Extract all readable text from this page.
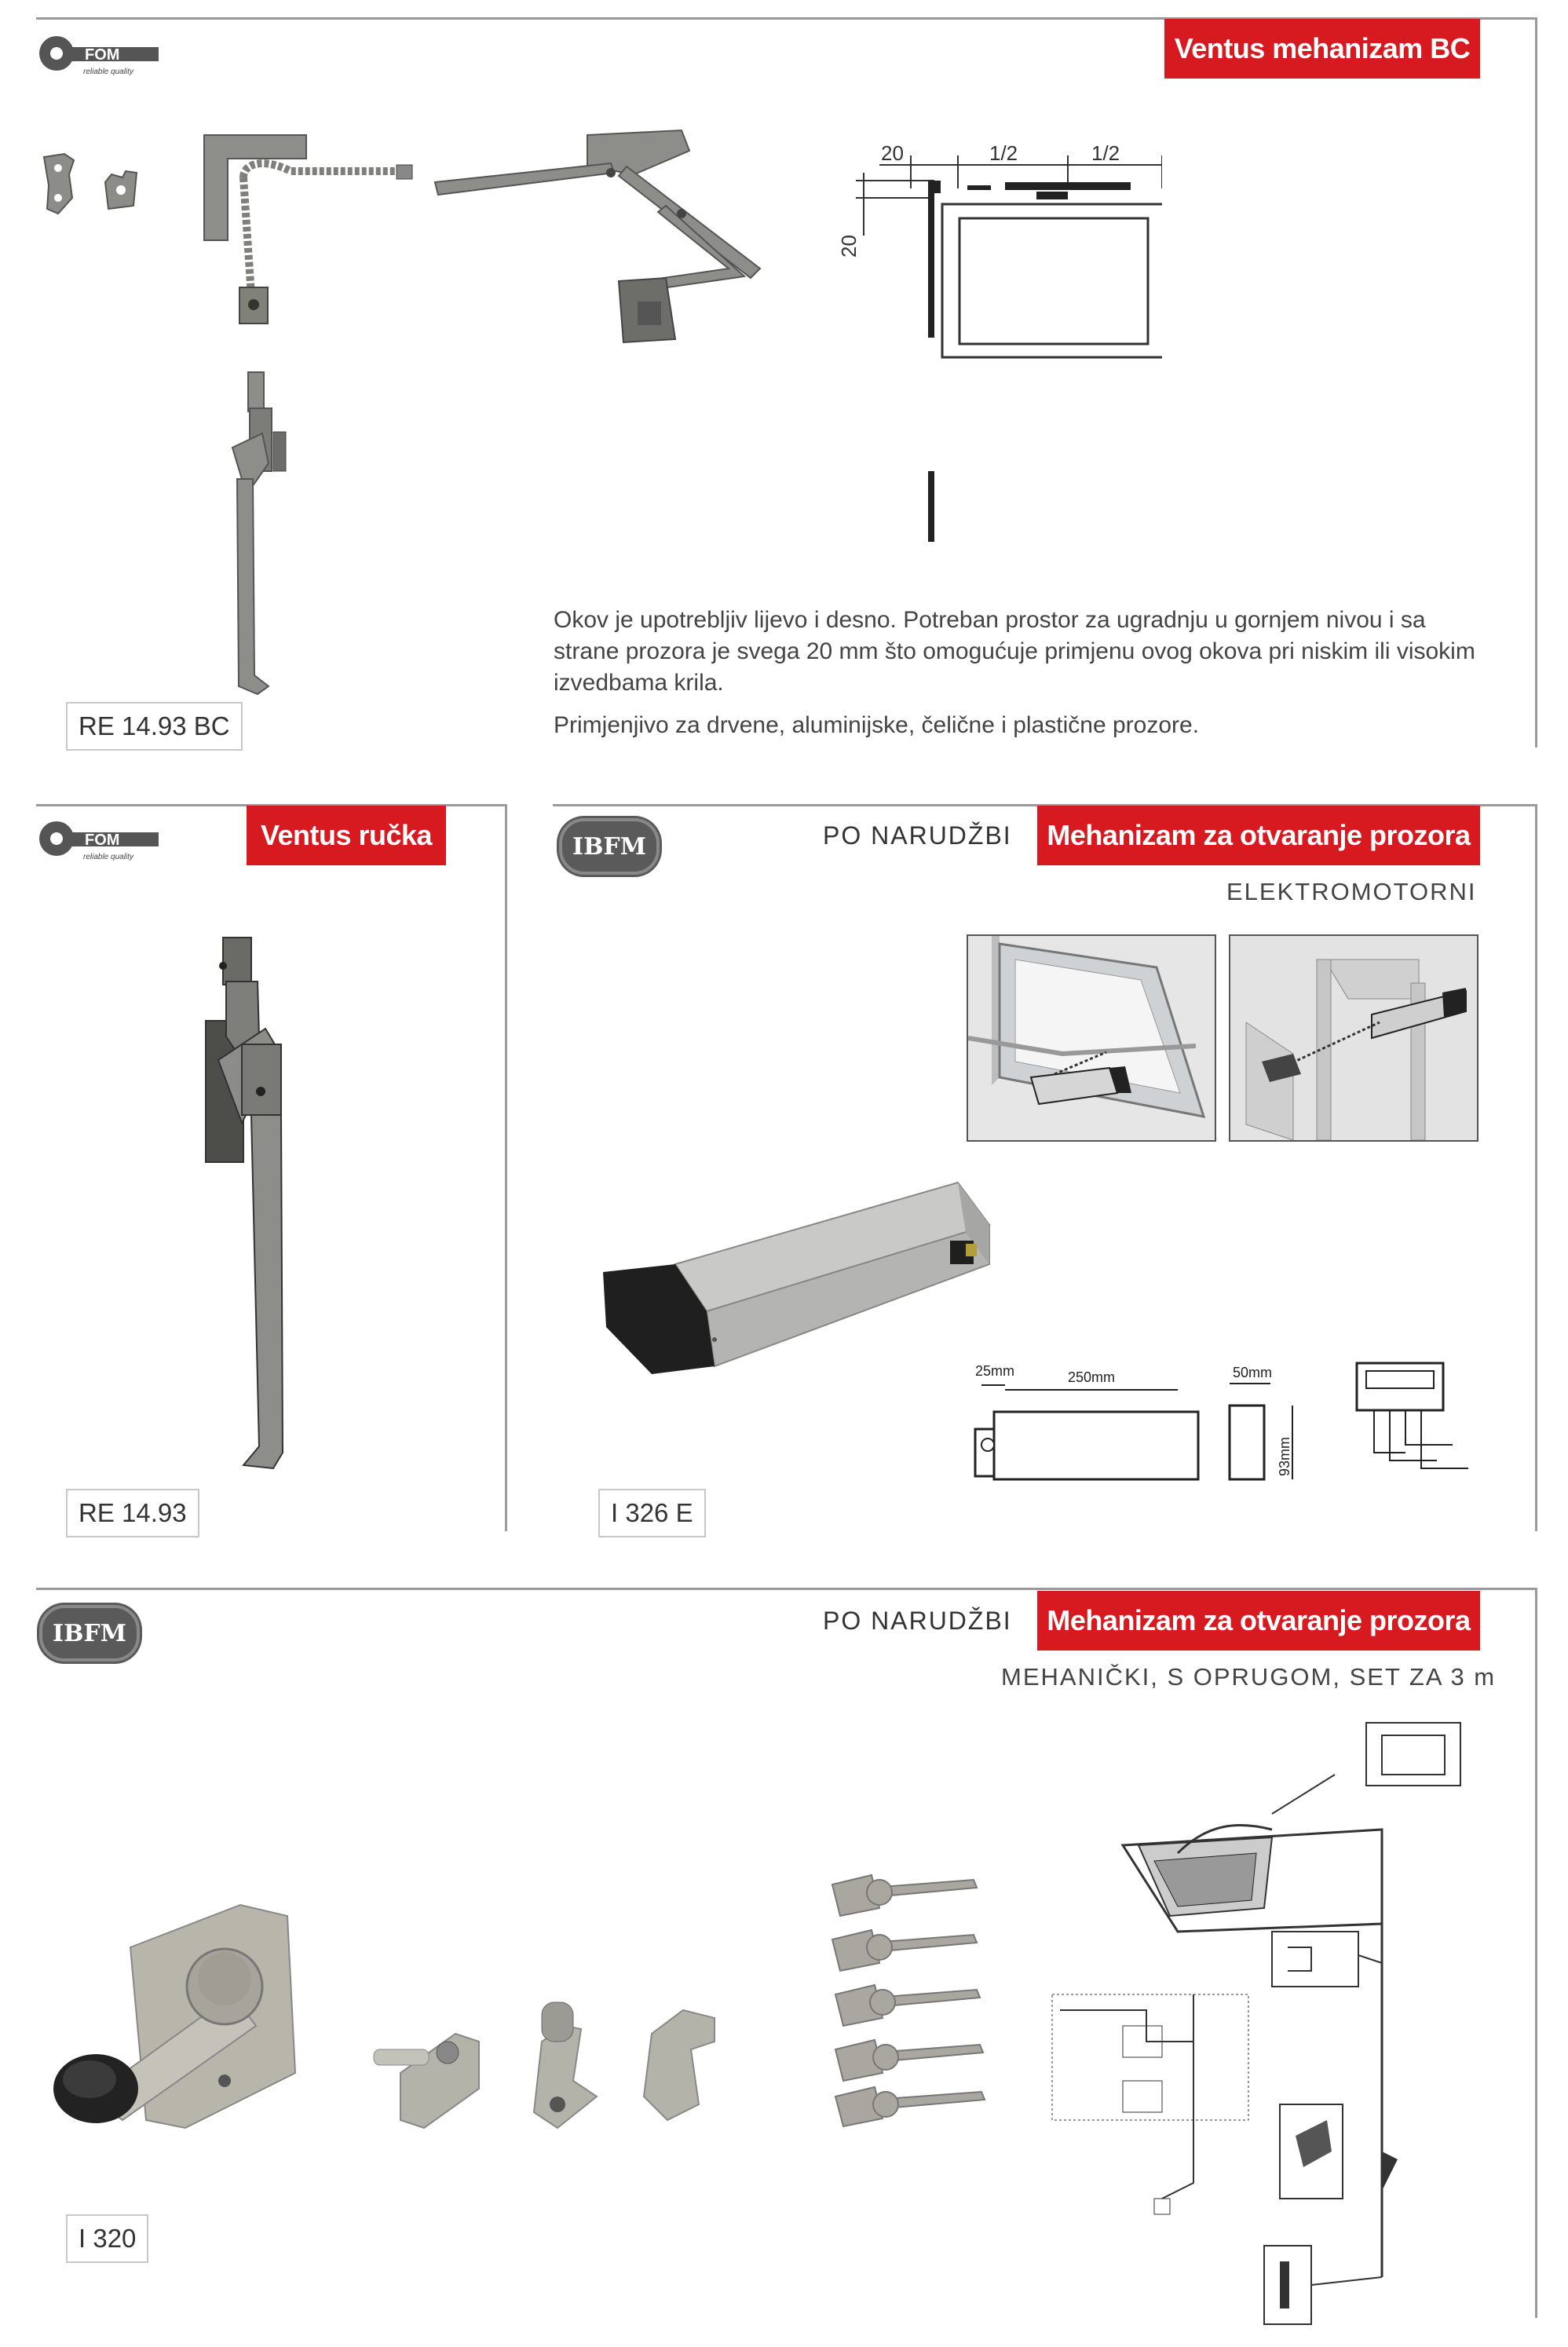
FOM
reliable quality
Ventus mehanizam BC
20	1/2	1/2
20
Okov je upotrebljiv lijevo i desno. Potreban prostor za ugradnju u gornjem nivou i sa strane prozora je svega 20 mm što omogućuje primjenu ovog okova pri niskim ili visokim izvedbama krila.
Primjenjivo za drvene, aluminijske, čelične i plastične prozore.
RE 14.93 BC
FOM
reliable quality
Ventus ručka
RE 14.93
IBFM	PO NARUDŽBI Mehanizam za otvaranje prozora
ELEKTROMOTORNI
25mm	250mm	50mm
93mm
I 326 E
IBFM	PO NARUDŽBI Mehanizam za otvaranje prozora
MEHANIČKI, S OPRUGOM, SET ZA 3 m
I 320
